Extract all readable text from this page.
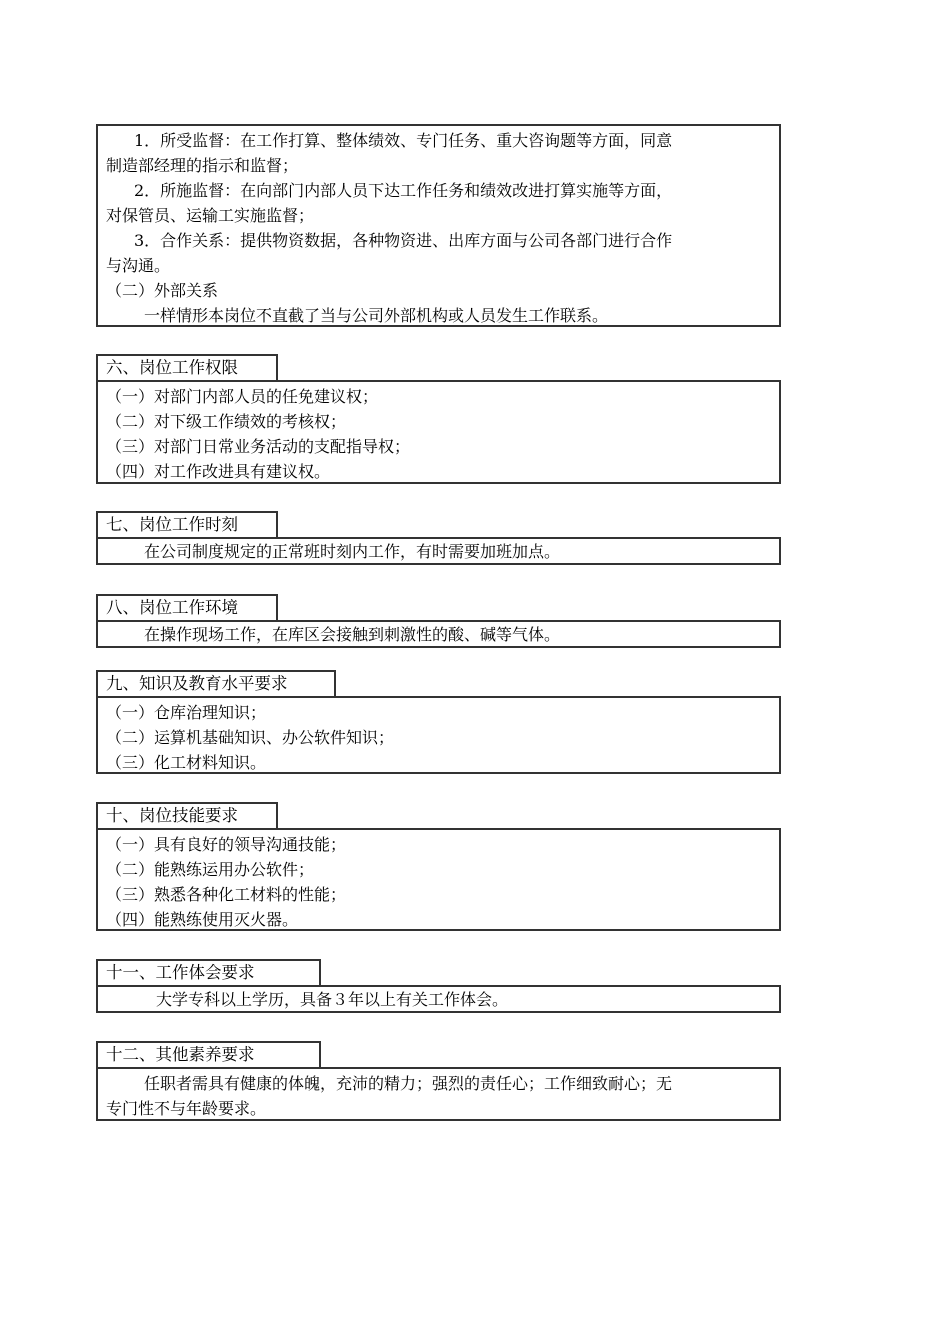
1．所受监督：在工作打算、整体绩效、专门任务、重大咨询题等方面，同意
制造部经理的指示和监督；
2．所施监督：在向部门内部人员下达工作任务和绩效改进打算实施等方面，
对保管员、运输工实施监督；
3．合作关系：提供物资数据，各种物资进、出库方面与公司各部门进行合作
与沟通。
（二）外部关系
一样情形本岗位不直截了当与公司外部机构或人员发生工作联系。
六、岗位工作权限
（一）对部门内部人员的任免建议权；
（二）对下级工作绩效的考核权；
（三）对部门日常业务活动的支配指导权；
（四）对工作改进具有建议权。
七、岗位工作时刻
在公司制度规定的正常班时刻内工作，有时需要加班加点。
八、岗位工作环境
在操作现场工作，在库区会接触到刺激性的酸、碱等气体。
九、知识及教育水平要求
（一）仓库治理知识；
（二）运算机基础知识、办公软件知识；
（三）化工材料知识。
十、岗位技能要求
（一）具有良好的领导沟通技能；
（二）能熟练运用办公软件；
（三）熟悉各种化工材料的性能；
（四）能熟练使用灭火器。
十一、工作体会要求
大学专科以上学历，具备３年以上有关工作体会。
十二、其他素养要求
任职者需具有健康的体魄，充沛的精力；强烈的责任心；工作细致耐心；无
专门性不与年龄要求。
